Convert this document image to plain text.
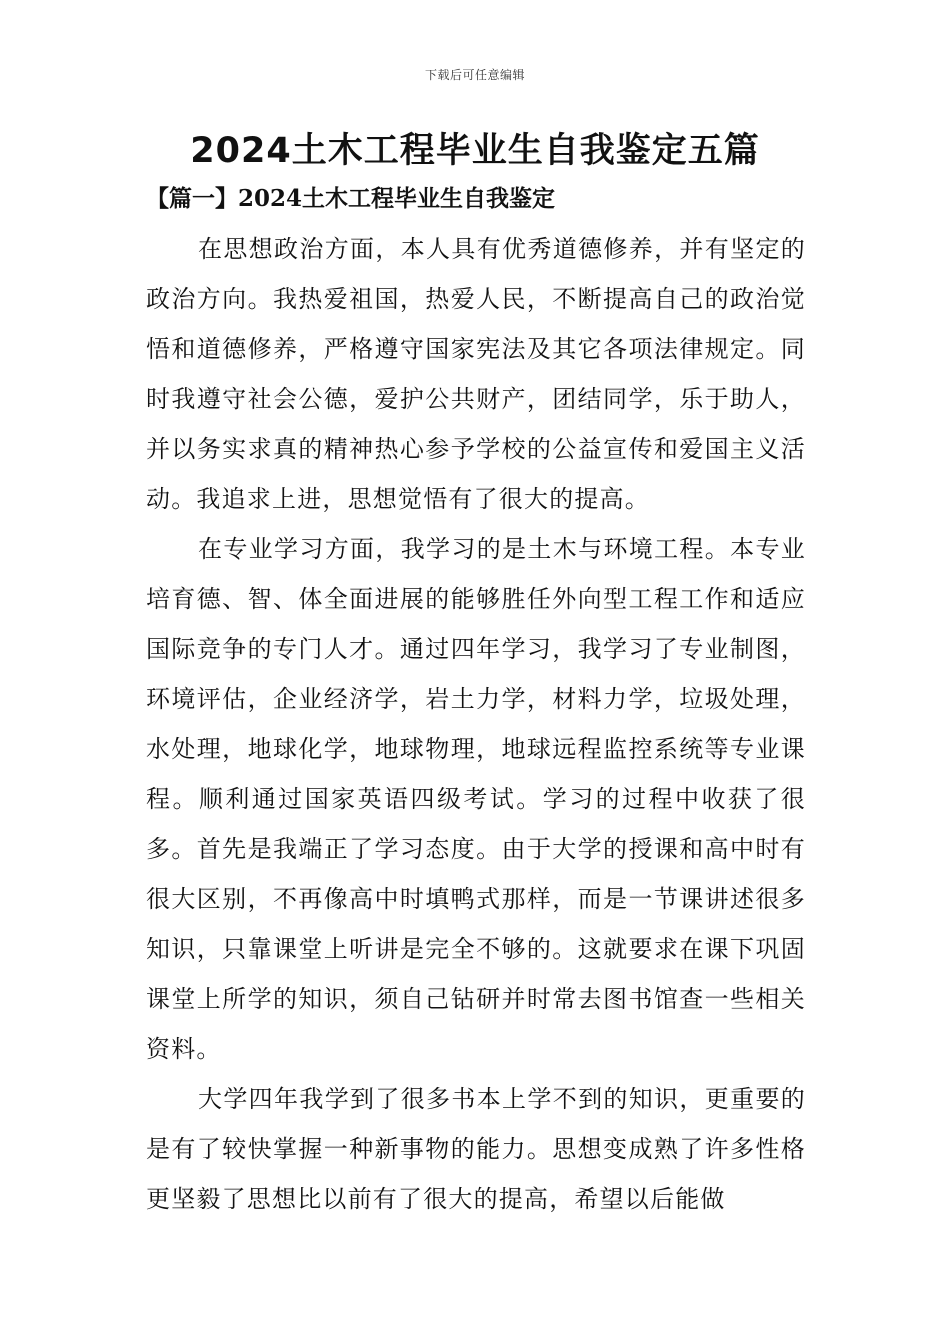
下载后可任意编辑
2024土木工程毕业生自我鉴定五篇
【篇一】2024土木工程毕业生自我鉴定

在思想政治方面，本人具有优秀道德修养，并有坚定的政治方向。我热爱祖国，热爱人民，不断提高自己的政治觉悟和道德修养，严格遵守国家宪法及其它各项法律规定。同时我遵守社会公德，爱护公共财产，团结同学，乐于助人，并以务实求真的精神热心参予学校的公益宣传和爱国主义活动。我追求上进，思想觉悟有了很大的提高。

在专业学习方面，我学习的是土木与环境工程。本专业培育德、智、体全面进展的能够胜任外向型工程工作和适应国际竞争的专门人才。通过四年学习，我学习了专业制图，环境评估，企业经济学，岩土力学，材料力学，垃圾处理，水处理，地球化学，地球物理，地球远程监控系统等专业课程。顺利通过国家英语四级考试。学习的过程中收获了很多。首先是我端正了学习态度。由于大学的授课和高中时有很大区别，不再像高中时填鸭式那样，而是一节课讲述很多知识，只靠课堂上听讲是完全不够的。这就要求在课下巩固课堂上所学的知识，须自己钻研并时常去图书馆查一些相关资料。

大学四年我学到了很多书本上学不到的知识，更重要的是有了较快掌握一种新事物的能力。思想变成熟了许多性格更坚毅了思想比以前有了很大的提高，希望以后能做
